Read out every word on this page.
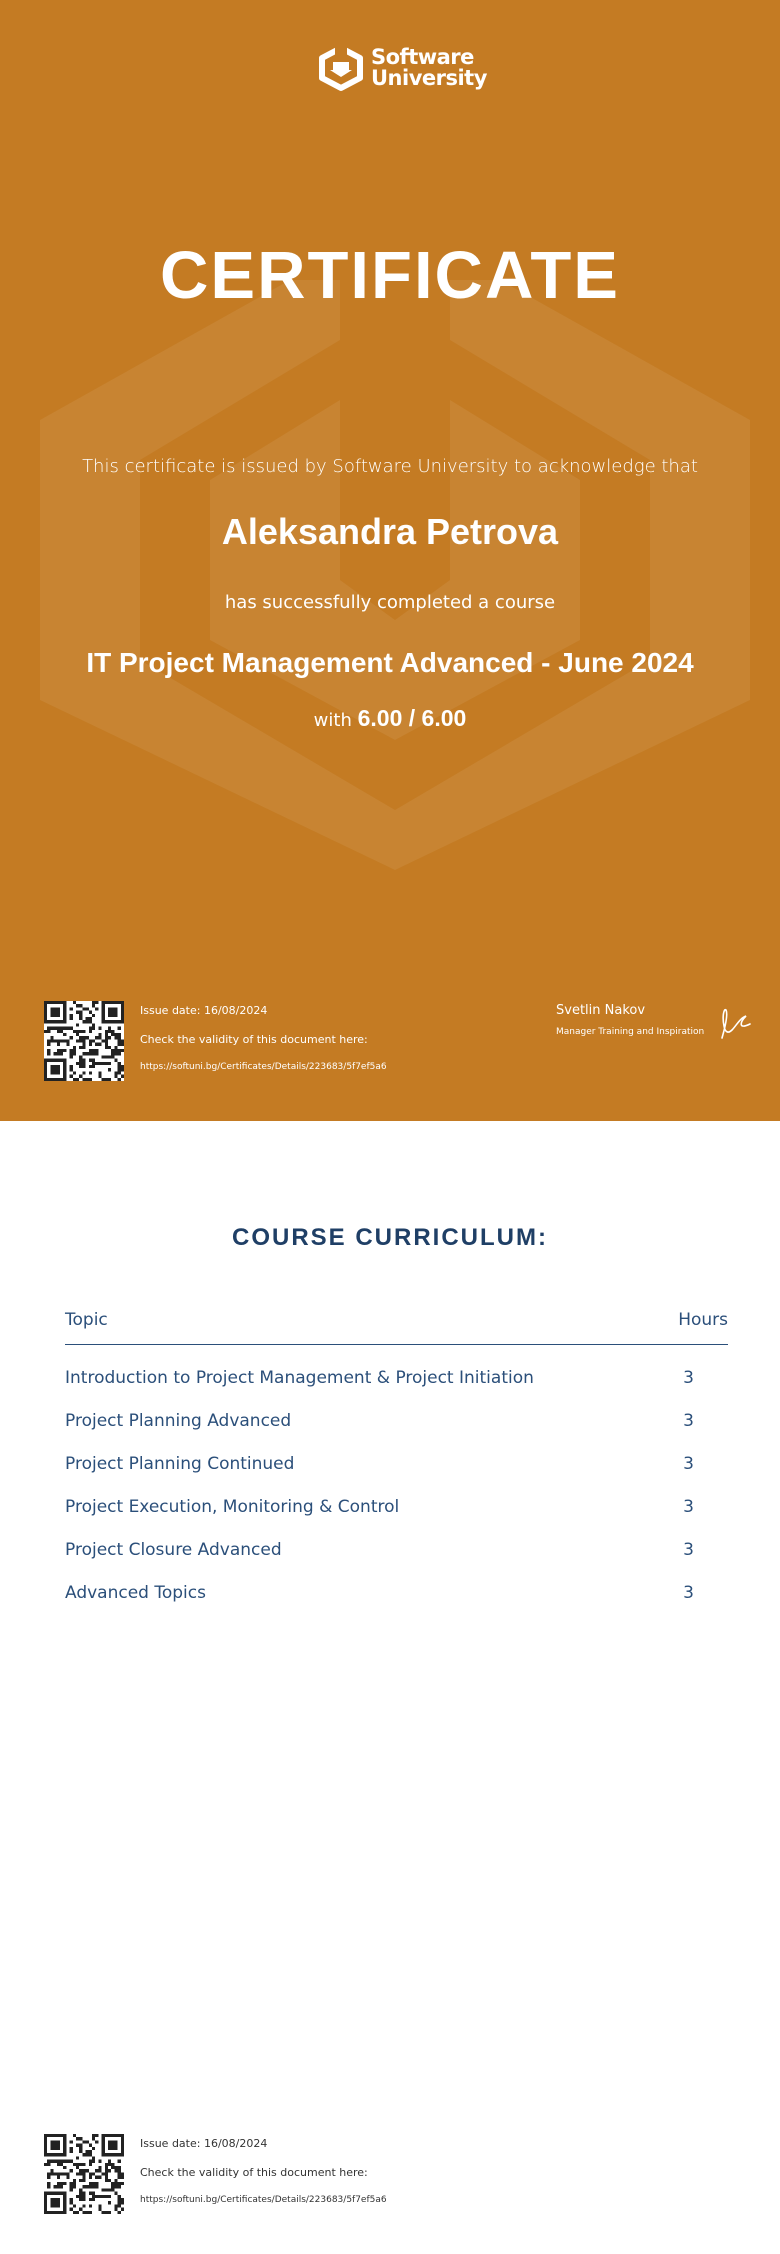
Software
University
CERTIFICATE
This certificate is issued by Software University to acknowledge that
Aleksandra Petrova
has successfully completed a course
IT Project Management Advanced - June 2024
with 6.00 / 6.00
Issue date: 16/08/2024
Check the validity of this document here:
https://softuni.bg/Certificates/Details/223683/5f7ef5a6
Svetlin Nakov
Manager Training and Inspiration
COURSE CURRICULUM:
Topic	Hours
Introduction to Project Management & Project Initiation	3
Project Planning Advanced	3
Project Planning Continued	3
Project Execution, Monitoring & Control	3
Project Closure Advanced	3
Advanced Topics	3
Issue date: 16/08/2024
Check the validity of this document here:
https://softuni.bg/Certificates/Details/223683/5f7ef5a6
